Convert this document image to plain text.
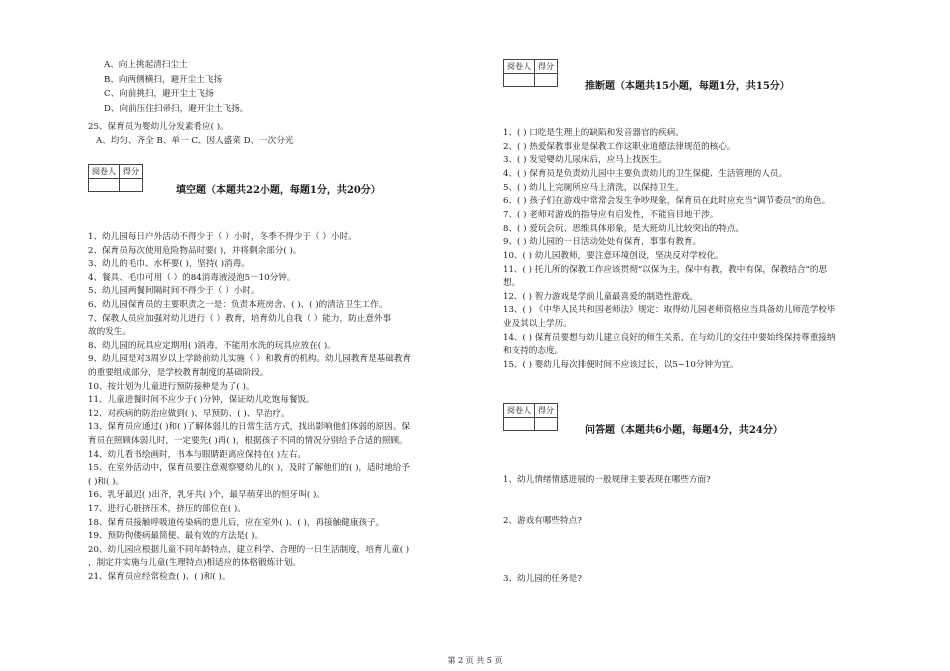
A、向上挑起清扫尘土
B、向两侧横扫，避开尘土飞扬
C、向前挑扫，避开尘土飞扬
D、向前压住扫帚扫，避开尘土飞扬。
25、保育员为婴幼儿分发素肴应( )。
A、均匀、齐全 B、单一 C、因人盛菜 D、一次分光
阅卷人	得分

填空题（本题共22小题，每题1分，共20分）
1、幼儿园每日户外活动不得少于（ ）小时，冬季不得少于（ ）小时。
2、保育员每次使用危险物品时要( )，并将剩余部分( )。
3、幼儿的毛巾、水杯要( )，坚持( )消毒。
4、餐具、毛巾可用（ ）的84消毒液浸泡5－10分钟。
5、幼儿园两餐间隔时间不得少于（ ）小时。
6、幼儿园保育员的主要职责之一是：负责本班房舍、( )、( )的清洁卫生工作。
7、保教人员应加强对幼儿进行（ ）教育，培育幼儿自我（ ）能力，防止意外事
故的发生。
8、幼儿园的玩具应定期用( )消毒，不能用水洗的玩具应放在( )。
9、幼儿园是对3周岁以上学龄前幼儿实施（ ）和教育的机构。幼儿园教育是基础教育
的重要组成部分，是学校教育制度的基础阶段。
10、按计划为儿童进行预防接种是为了( )。
11、儿童进餐时间不应少于( )分钟，保证幼儿吃饱每餐饭。
12、对疾病的防治应做到( )、早预防、( )、早治疗。
13、保育员应通过( )和( )了解体弱儿的日常生活方式，找出影响他们体弱的原因。保
育员在照顾体弱儿时，一定要先( )再( )，根据孩子不同的情况分别给予合适的照顾。
14、幼儿看书绘画时，书本与眼睛距离应保持在( )左右。
15、在室外活动中，保育员要注意观察婴幼儿的( )，及时了解他们的( )，适时地给予
( )和( )。
16、乳牙最迟( )出齐，乳牙共( )个，最早萌芽出的恒牙叫( )。
17、进行心脏挤压术，挤压的部位在( )。
18、保育员接触呼吸道传染病的患儿后，应在室外( )、( )，再接触健康孩子。
19、预防佝偻病最简便、最有效的方法是( )。
20、幼儿园应根据儿童不同年龄特点，建立科学、合理的一日生活制度，培育儿童( )
，制定并实施与儿童(生理特点)相适应的体格锻炼计划。
21、保育员应经常检查( )、( )和( )。
阅卷人	得分

推断题（本题共15小题，每题1分，共15分）
1、( ) 口吃是生理上的缺陷和发音器官的疾病。
2、( ) 热爱保教事业是保教工作这职业道德法律规范的核心。
3、( ) 发觉婴幼儿尿床后，应马上找医生。
4、( ) 保育员是负责幼儿园中主要负责幼儿的卫生保健、生活管理的人员。
5、( ) 幼儿上完厕所应马上清洗，以保持卫生。
6、( ) 孩子们在游戏中常常会发生争吵现象，保育员在此时应充当“调节委员”的角色。
7、( ) 老师对游戏的指导应有启发性，不能盲目地干涉。
8、( ) 爱玩会玩、思维具体形象，是大班幼儿比较突出的特点。
9、( ) 幼儿园的一日活动处处有保育，事事有教育。
10、( ) 幼儿园教师，要注意环境创设，坚决反对学校化。
11、( ) 托儿所的保教工作应该贯彻“以保为主，保中有教，教中有保，保教结合”的思
想。
12、( ) 智力游戏是学前儿童最喜爱的制造性游戏。
13、( ) 《中华人民共和国老师法》规定：取得幼儿园老师资格应当具备幼儿师范学校毕
业及其以上学历。
14、( ) 保育员要想与幼儿建立良好的师生关系，在与幼儿的交往中要始终保持尊重接纳
和支持的态度。
15、( ) 婴幼儿每次排便时间不应该过长，以5~10分钟为宜。
阅卷人	得分

问答题（本题共6小题，每题4分，共24分）
1、幼儿情绪情感进展的一般规律主要表现在哪些方面?
2、游戏有哪些特点?
3、幼儿园的任务是?
第 2 页 共 5 页
